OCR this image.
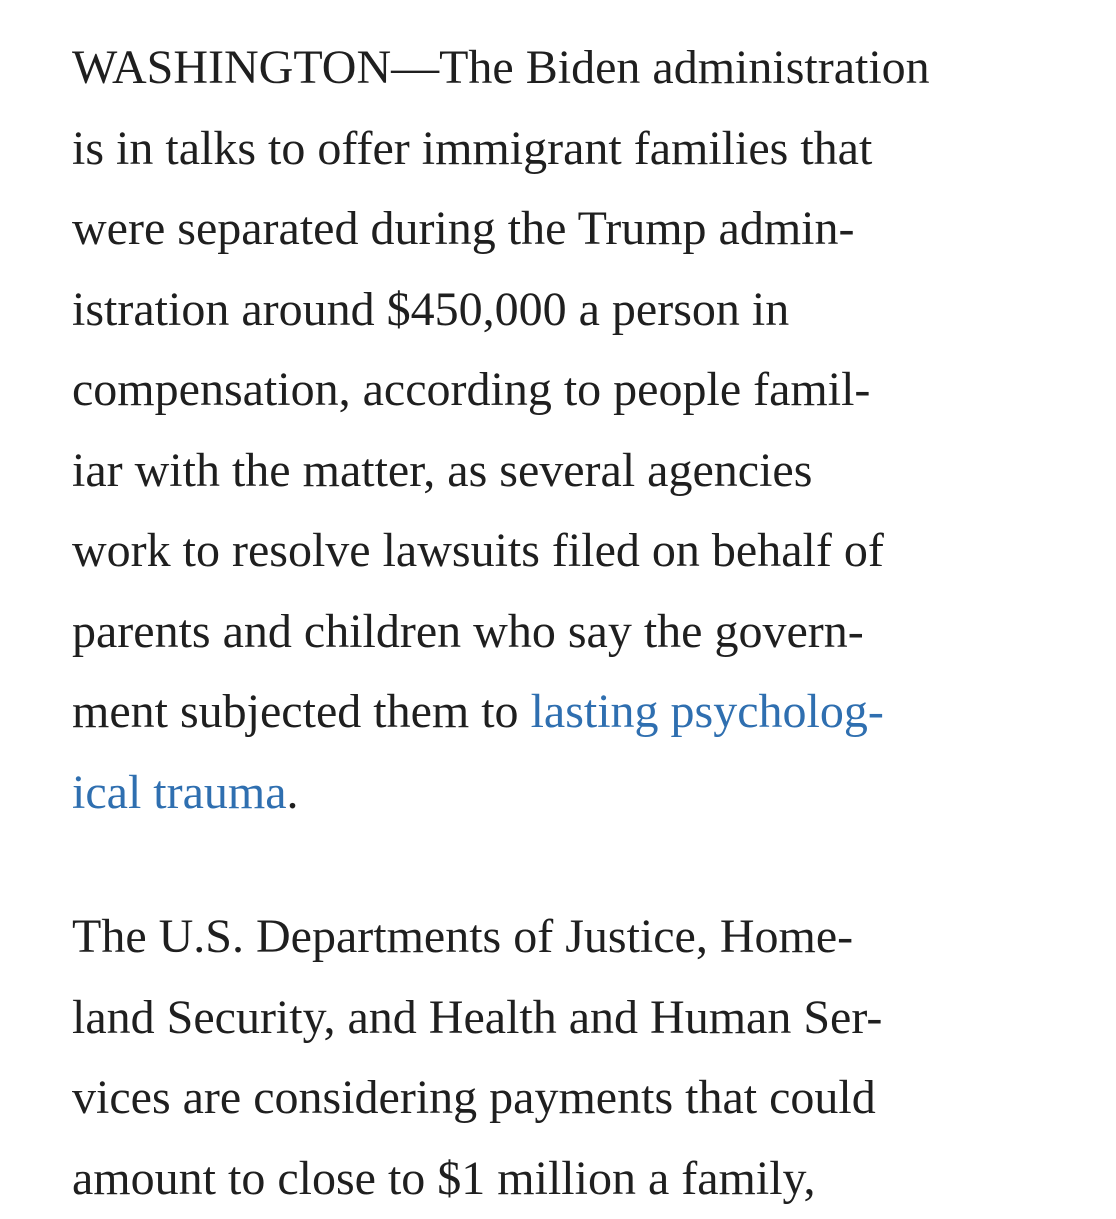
WASHINGTON—The Biden administration
is in talks to offer immigrant families that
were separated during the Trump admin-
istration around $450,000 a person in
compensation, according to people famil-
iar with the matter, as several agencies
work to resolve lawsuits filed on behalf of
parents and children who say the govern-
ment subjected them to lasting psycholog-
ical trauma.

The U.S. Departments of Justice, Home-
land Security, and Health and Human Ser-
vices are considering payments that could
amount to close to $1 million a family,
